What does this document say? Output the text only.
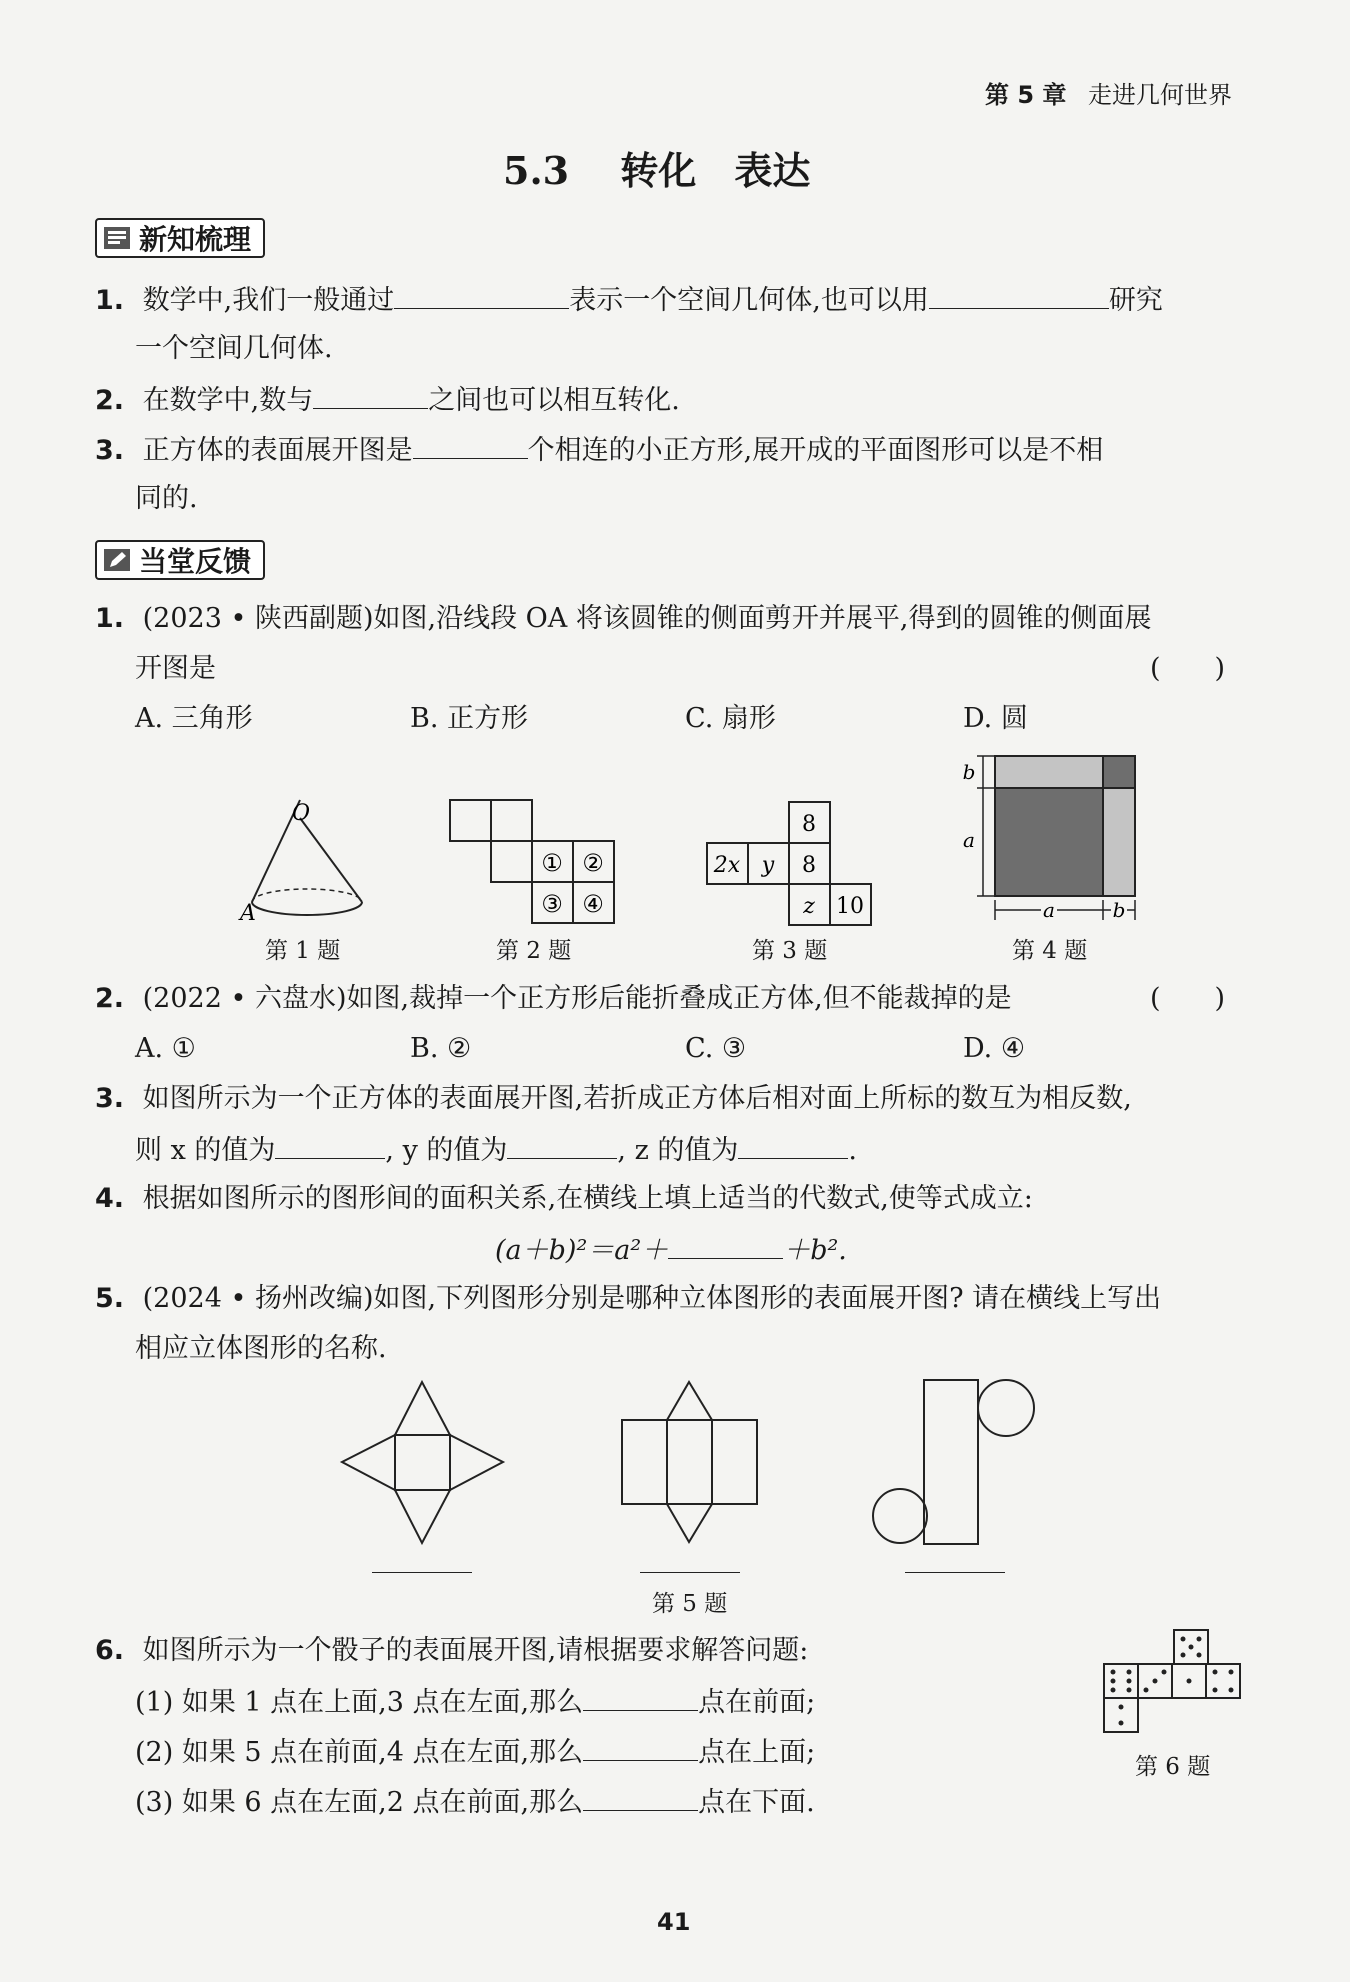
第 5 章 走进几何世界
5.3 转化　表达
新知梳理
1. 数学中,我们一般通过	表示一个空间几何体,也可以用	研究
一个空间几何体.
2. 在数学中,数与	之间也可以相互转化.
3. 正方体的表面展开图是	个相连的小正方形,展开成的平面图形可以是不相
同的.
当堂反馈
1. (2023 • 陕西副题)如图,沿线段 OA 将该圆锥的侧面剪开并展平,得到的圆锥的侧面展
开图是	(　　)
A. 三角形	B. 正方形	C. 扇形	D. 圆
O
A
第 1 题
① ②
③ ④
第 2 题
8
2x y 8
z 10
第 3 题
b
a
a	b
第 4 题
2. (2022 • 六盘水)如图,裁掉一个正方形后能折叠成正方体,但不能裁掉的是	(　　)
A. ①	B. ②	C. ③	D. ④
3. 如图所示为一个正方体的表面展开图,若折成正方体后相对面上所标的数互为相反数,
则 x 的值为	, y 的值为	, z 的值为	.
4. 根据如图所示的图形间的面积关系,在横线上填上适当的代数式,使等式成立:
(a＋b)²＝a²＋	＋b².
5. (2024 • 扬州改编)如图,下列图形分别是哪种立体图形的表面展开图? 请在横线上写出
相应立体图形的名称.
第 5 题
6. 如图所示为一个骰子的表面展开图,请根据要求解答问题:
(1) 如果 1 点在上面,3 点在左面,那么	点在前面;
(2) 如果 5 点在前面,4 点在左面,那么	点在上面;
(3) 如果 6 点在左面,2 点在前面,那么	点在下面.
第 6 题
41
